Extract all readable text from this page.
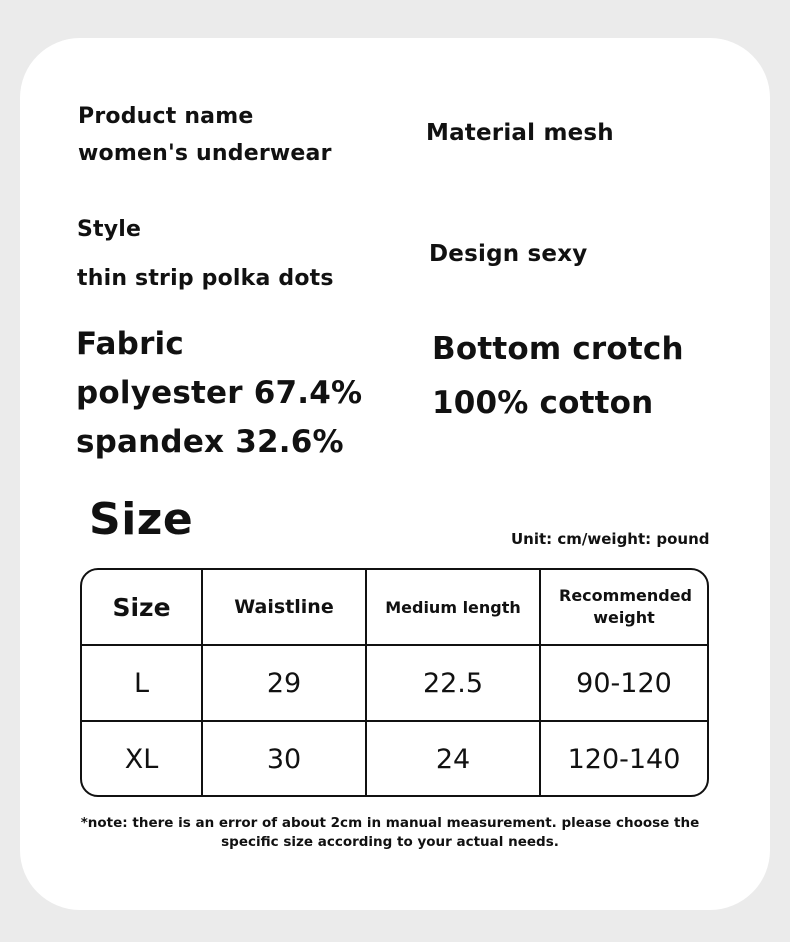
Product name
women's underwear
Material mesh
Style
thin strip polka dots
Design sexy
Fabric
polyester 67.4%
spandex 32.6%
Bottom crotch
100% cotton
Size	Unit: cm/weight: pound
Size	Waistline	Medium length	Recommended weight

L	29	22.5	90-120
XL	30	24	120-140
*note: there is an error of about 2cm in manual measurement. please choose the specific size according to your actual needs.
